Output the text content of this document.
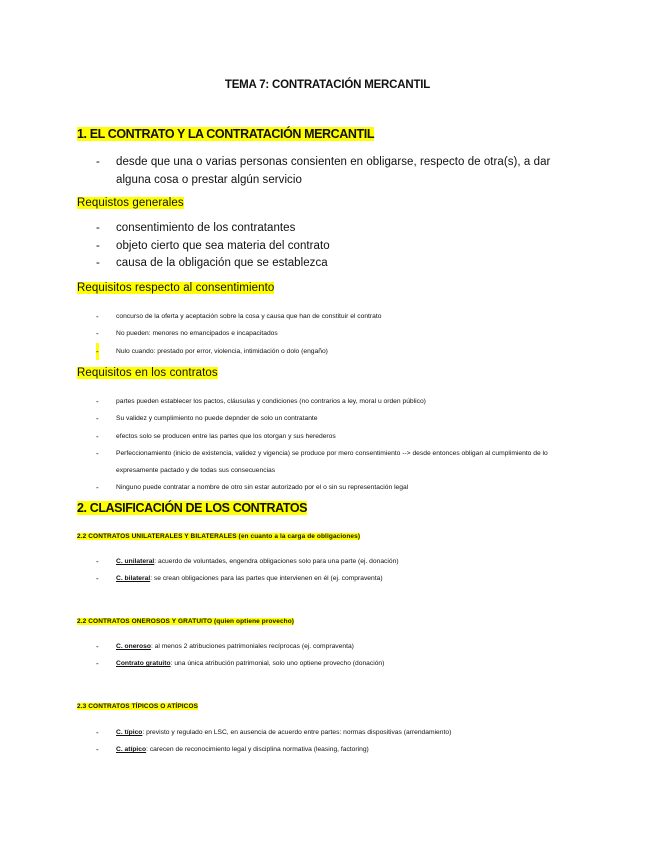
TEMA 7: CONTRATACIÓN MERCANTIL
1. EL CONTRATO Y LA CONTRATACIÓN MERCANTIL
- desde que una o varias personas consienten en obligarse, respecto de otra(s), a dar alguna cosa o prestar algún servicio
Requistos generales
- consentimiento de los contratantes
- objeto cierto que sea materia del contrato
- causa de la obligación que se establezca
Requisitos respecto al consentimiento
-	concurso de la oferta y aceptación sobre la cosa y causa que han de constituir el contrato
-	No pueden: menores no emancipados e incapacitados
-	Nulo cuando: prestado por error, violencia, intimidación o dolo (engaño)
Requisitos en los contratos
-	partes pueden establecer los pactos, cláusulas y condiciones (no contrarios a ley, moral u orden público)
-	Su validez y cumplimiento no puede depnder de solo un contratante
-	efectos solo se producen entre las partes que los otorgan y sus herederos
-	Perfeccionamiento (inicio de existencia, validez y vigencia) se produce por mero consentimiento --> desde entonces obligan al cumplimiento de lo expresamente pactado y de todas sus consecuencias
-	Ninguno puede contratar a nombre de otro sin estar autorizado por el o sin su representación legal
2. CLASIFICACIÓN DE LOS CONTRATOS
2.2 CONTRATOS UNILATERALES Y BILATERALES (en cuanto a la carga de obligaciones)
-	C. unilateral: acuerdo de voluntades, engendra obligaciones solo para una parte (ej. donación)
-	C. bilateral: se crean obligaciones para las partes que intervienen en él (ej. compraventa)
2.2 CONTRATOS ONEROSOS Y GRATUITO (quien optiene provecho)
-	C. oneroso: al menos 2 atribuciones patrimoniales recíprocas (ej. compraventa)
-	Contrato gratuito: una única atribución patrimonial, solo uno optiene provecho (donación)
2.3 CONTRATOS TÍPICOS O ATÍPICOS
-	C. típico: previsto y regulado en LSC, en ausencia de acuerdo entre partes: normas dispositivas (arrendamiento)
-	C. atípico: carecen de reconocimiento legal y disciplina normativa (leasing, factoring)
